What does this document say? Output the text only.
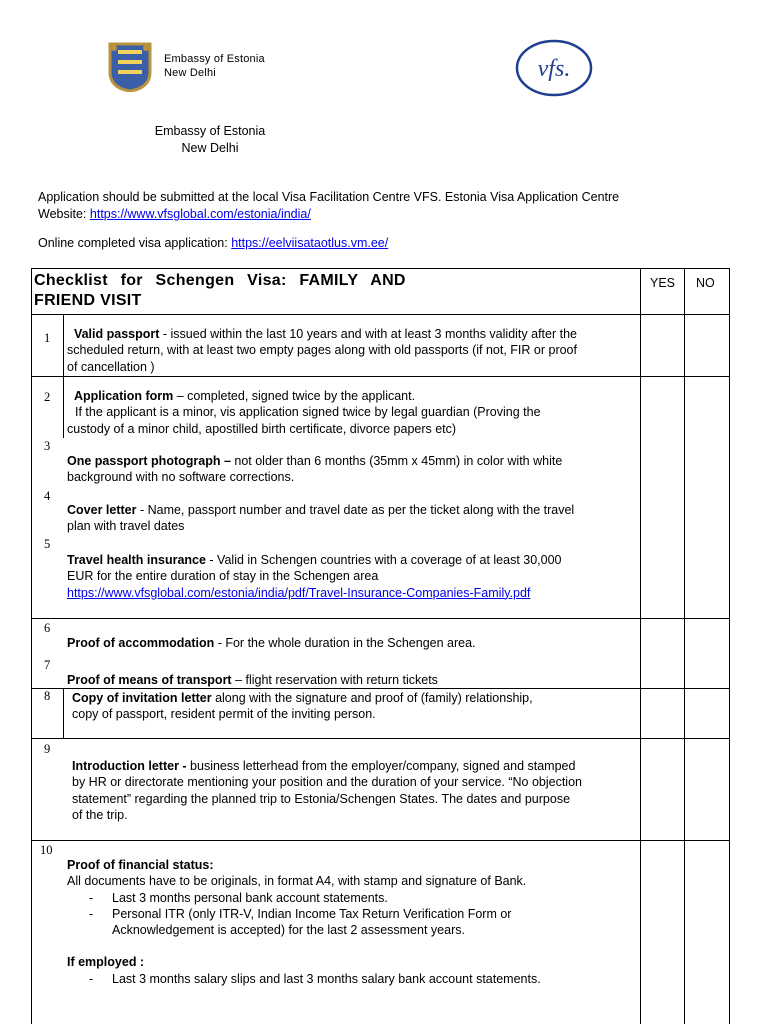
Embassy of Estonia
New Delhi	vfs.
Embassy of Estonia
New Delhi
Application should be submitted at the local Visa Facilitation Centre VFS. Estonia Visa Application Centre
Website: https://www.vfsglobal.com/estonia/india/
Online completed visa application: https://eelviisataotlus.vm.ee/
Checklist for Schengen Visa: FAMILY AND
FRIEND VISIT
YES NO
1
2
3
4
5
6
7
8
9
10
Valid passport - issued within the last 10 years and with at least 3 months validity after the
scheduled return, with at least two empty pages along with old passports (if not, FIR or proof
of cancellation )
Application form – completed, signed twice by the applicant.
If the applicant is a minor, vis application signed twice by legal guardian (Proving the
custody of a minor child, apostilled birth certificate, divorce papers etc)
One passport photograph – not older than 6 months (35mm x 45mm) in color with white
background with no software corrections.
Cover letter - Name, passport number and travel date as per the ticket along with the travel
plan with travel dates
Travel health insurance - Valid in Schengen countries with a coverage of at least 30,000
EUR for the entire duration of stay in the Schengen area
https://www.vfsglobal.com/estonia/india/pdf/Travel-Insurance-Companies-Family.pdf
Proof of accommodation - For the whole duration in the Schengen area.
Proof of means of transport – flight reservation with return tickets
Copy of invitation letter along with the signature and proof of (family) relationship,
copy of passport, resident permit of the inviting person.
Introduction letter - business letterhead from the employer/company, signed and stamped
by HR or directorate mentioning your position and the duration of your service. “No objection
statement” regarding the planned trip to Estonia/Schengen States. The dates and purpose
of the trip.
Proof of financial status:
All documents have to be originals, in format A4, with stamp and signature of Bank.
- Last 3 months personal bank account statements.
- Personal ITR (only ITR-V, Indian Income Tax Return Verification Form or
Acknowledgement is accepted) for the last 2 assessment years.
If employed :
- Last 3 months salary slips and last 3 months salary bank account statements.
